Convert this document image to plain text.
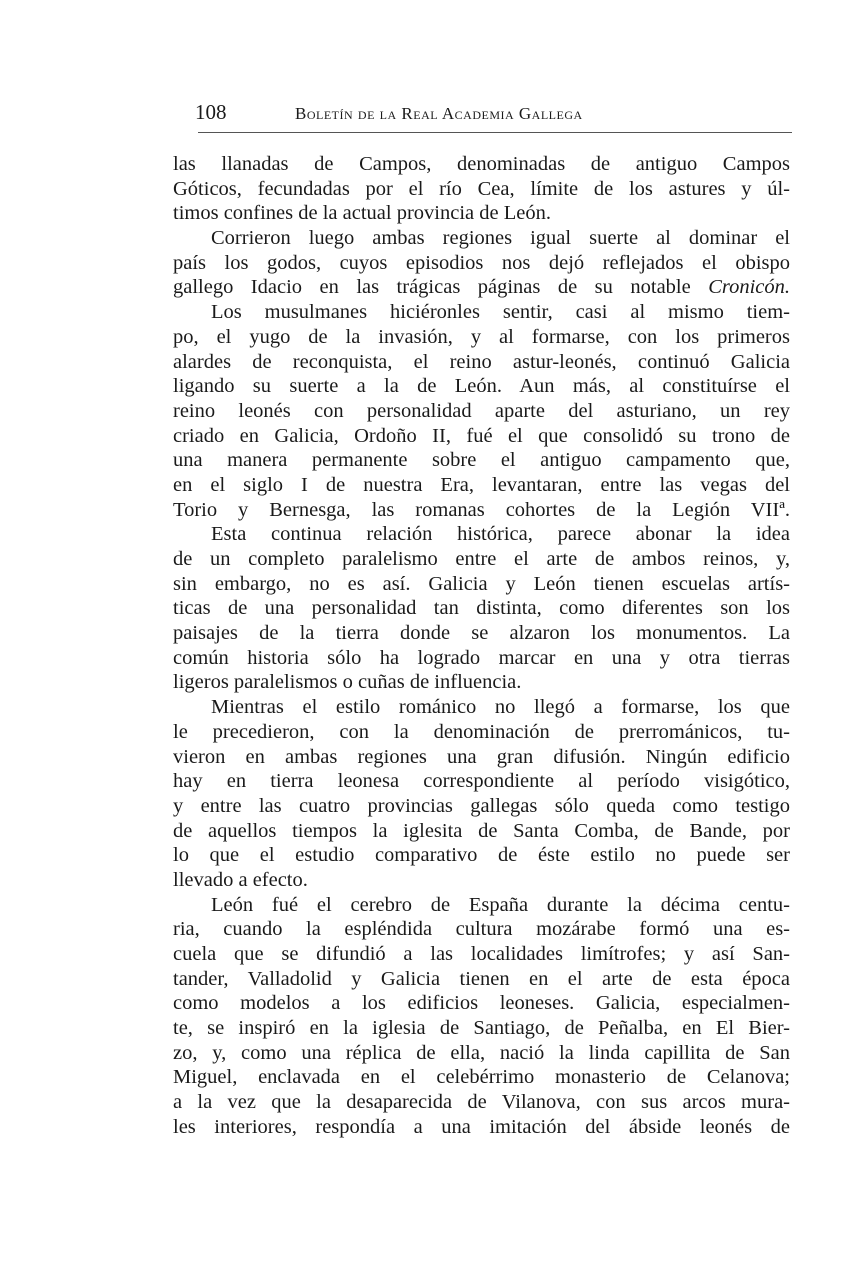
108	Boletín de la Real Academia Gallega
las llanadas de Campos, denominadas de antiguo Campos
Góticos, fecundadas por el río Cea, límite de los astures y úl-
timos confines de la actual provincia de León.
Corrieron luego ambas regiones igual suerte al dominar el
país los godos, cuyos episodios nos dejó reflejados el obispo
gallego Idacio en las trágicas páginas de su notable Cronicón.
Los musulmanes hiciéronles sentir, casi al mismo tiem-
po, el yugo de la invasión, y al formarse, con los primeros
alardes de reconquista, el reino astur-leonés, continuó Galicia
ligando su suerte a la de León. Aun más, al constituírse el
reino leonés con personalidad aparte del asturiano, un rey
criado en Galicia, Ordoño II, fué el que consolidó su trono de
una manera permanente sobre el antiguo campamento que,
en el siglo I de nuestra Era, levantaran, entre las vegas del
Torio y Bernesga, las romanas cohortes de la Legión VIIª.
Esta continua relación histórica, parece abonar la idea
de un completo paralelismo entre el arte de ambos reinos, y,
sin embargo, no es así. Galicia y León tienen escuelas artís-
ticas de una personalidad tan distinta, como diferentes son los
paisajes de la tierra donde se alzaron los monumentos. La
común historia sólo ha logrado marcar en una y otra tierras
ligeros paralelismos o cuñas de influencia.
Mientras el estilo románico no llegó a formarse, los que
le precedieron, con la denominación de prerrománicos, tu-
vieron en ambas regiones una gran difusión. Ningún edificio
hay en tierra leonesa correspondiente al período visigótico,
y entre las cuatro provincias gallegas sólo queda como testigo
de aquellos tiempos la iglesita de Santa Comba, de Bande, por
lo que el estudio comparativo de éste estilo no puede ser
llevado a efecto.
León fué el cerebro de España durante la décima centu-
ria, cuando la espléndida cultura mozárabe formó una es-
cuela que se difundió a las localidades limítrofes; y así San-
tander, Valladolid y Galicia tienen en el arte de esta época
como modelos a los edificios leoneses. Galicia, especialmen-
te, se inspiró en la iglesia de Santiago, de Peñalba, en El Bier-
zo, y, como una réplica de ella, nació la linda capillita de San
Miguel, enclavada en el celebérrimo monasterio de Celanova;
a la vez que la desaparecida de Vilanova, con sus arcos mura-
les interiores, respondía a una imitación del ábside leonés de
